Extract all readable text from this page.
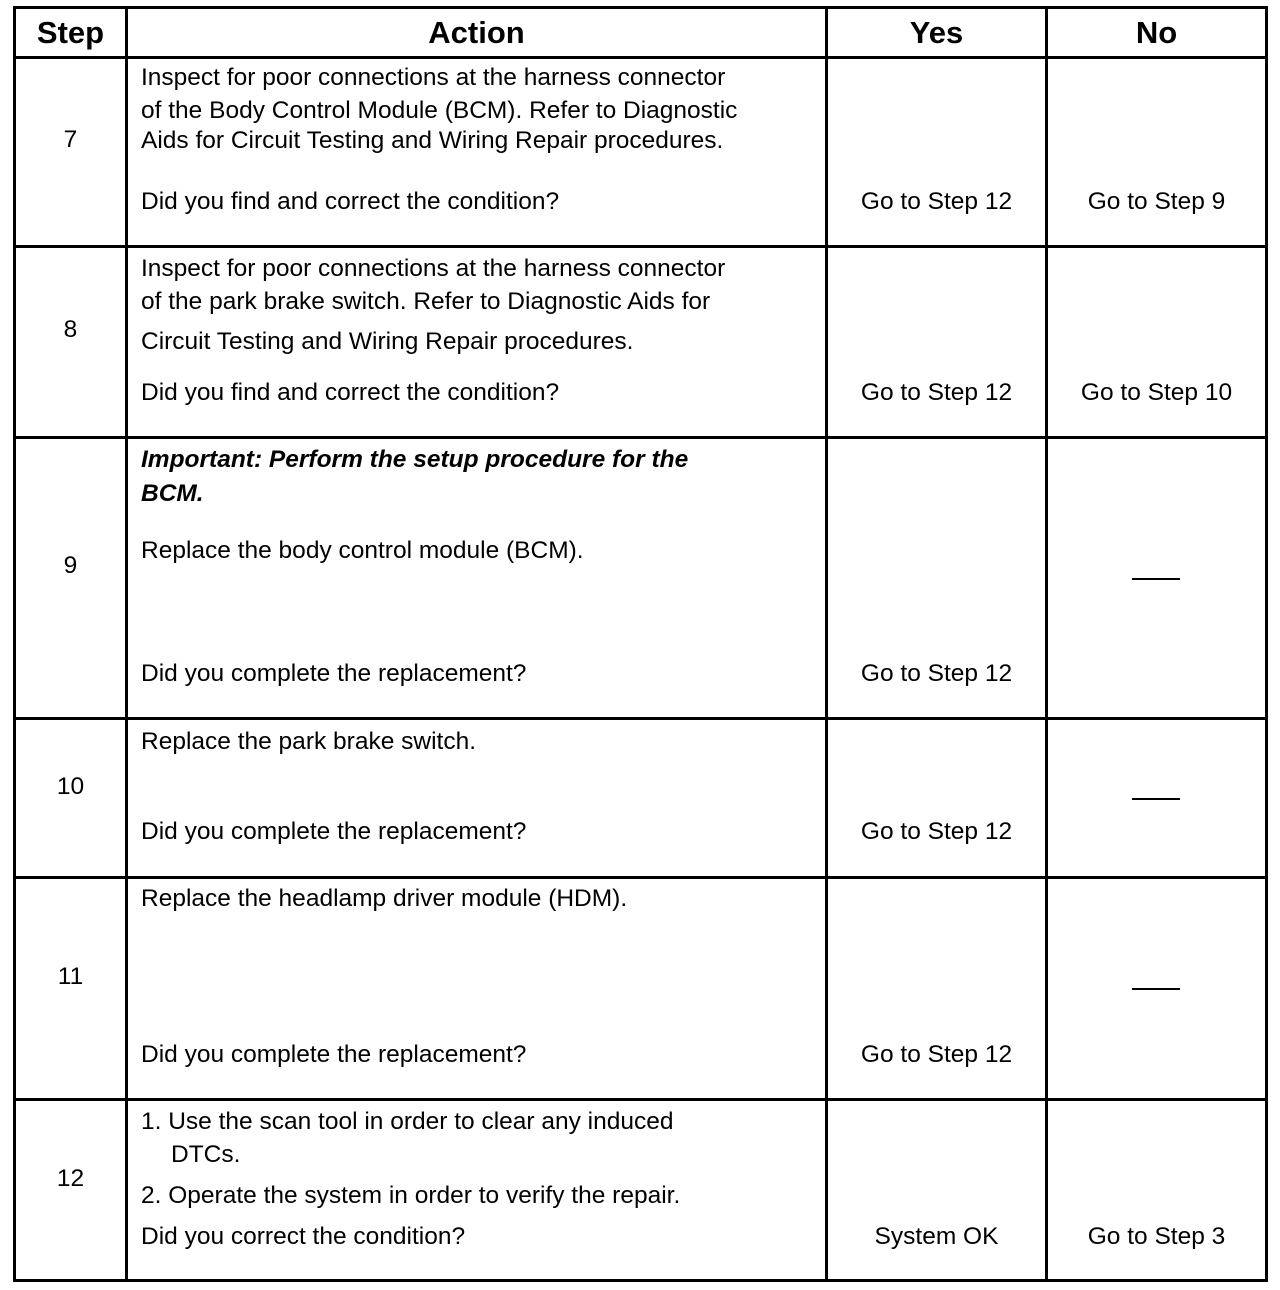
Step	Action	Yes	No
7
Inspect for poor connections at the harness connector
of the Body Control Module (BCM). Refer to Diagnostic
Aids for Circuit Testing and Wiring Repair procedures.
Did you find and correct the condition?	Go to Step 12	Go to Step 9
8
Inspect for poor connections at the harness connector
of the park brake switch. Refer to Diagnostic Aids for
Circuit Testing and Wiring Repair procedures.
Did you find and correct the condition?	Go to Step 12	Go to Step 10
9
Important: Perform the setup procedure for the
BCM.
Replace the body control module (BCM).
Did you complete the replacement?	Go to Step 12
10
Replace the park brake switch.
Did you complete the replacement?	Go to Step 12
11
Replace the headlamp driver module (HDM).
Did you complete the replacement?	Go to Step 12
12
1. Use the scan tool in order to clear any induced
DTCs.
2. Operate the system in order to verify the repair.
Did you correct the condition?	System OK	Go to Step 3
